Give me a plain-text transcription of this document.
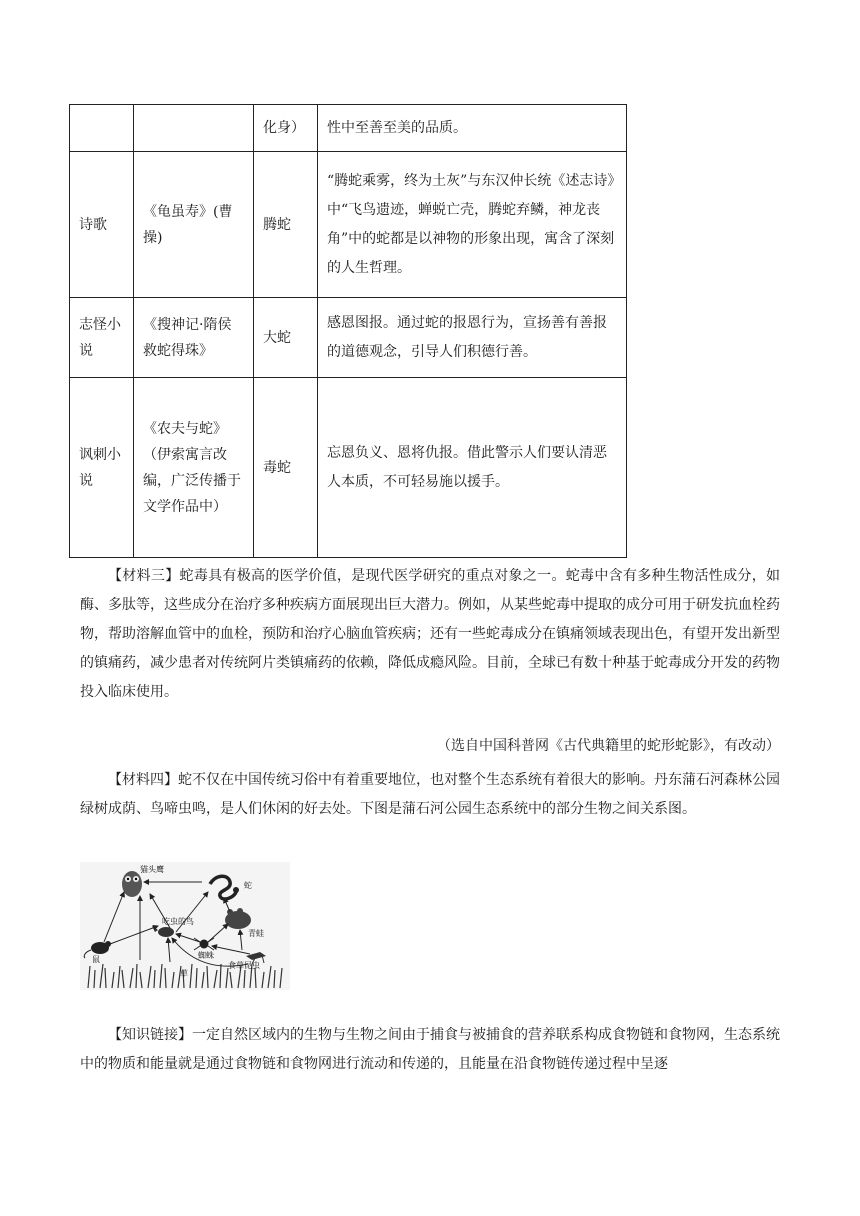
		化身）	性中至善至美的品质。
诗歌	《龟虽寿》(曹操)	腾蛇	“腾蛇乘雾，终为土灰”与东汉仲长统《述志诗》中“飞鸟遗迹，蝉蜕亡壳，腾蛇弃鳞，神龙丧角”中的蛇都是以神物的形象出现，寓含了深刻的人生哲理。
志怪小说	《搜神记·隋侯救蛇得珠》	大蛇	感恩图报。通过蛇的报恩行为，宣扬善有善报的道德观念，引导人们积德行善。
讽刺小说	《农夫与蛇》（伊索寓言改编，广泛传播于文学作品中）	毒蛇	忘恩负义、恩将仇报。借此警示人们要认清恶人本质，不可轻易施以援手。
【材料三】蛇毒具有极高的医学价值，是现代医学研究的重点对象之一。蛇毒中含有多种生物活性成分，如酶、多肽等，这些成分在治疗多种疾病方面展现出巨大潜力。例如，从某些蛇毒中提取的成分可用于研发抗血栓药物，帮助溶解血管中的血栓，预防和治疗心脑血管疾病；还有一些蛇毒成分在镇痛领域表现出色，有望开发出新型的镇痛药，减少患者对传统阿片类镇痛药的依赖，降低成瘾风险。目前，全球已有数十种基于蛇毒成分开发的药物投入临床使用。
（选自中国科普网《古代典籍里的蛇形蛇影》，有改动）
【材料四】蛇不仅在中国传统习俗中有着重要地位，也对整个生态系统有着很大的影响。丹东蒲石河森林公园绿树成荫、鸟啼虫鸣，是人们休闲的好去处。下图是蒲石河公园生态系统中的部分生物之间关系图。
猫头鹰
蛇
吃虫的鸟
青蛙
蜘蛛
食草昆虫
鼠
草
【知识链接】一定自然区域内的生物与生物之间由于捕食与被捕食的营养联系构成食物链和食物网，生态系统中的物质和能量就是通过食物链和食物网进行流动和传递的，且能量在沿食物链传递过程中呈逐
